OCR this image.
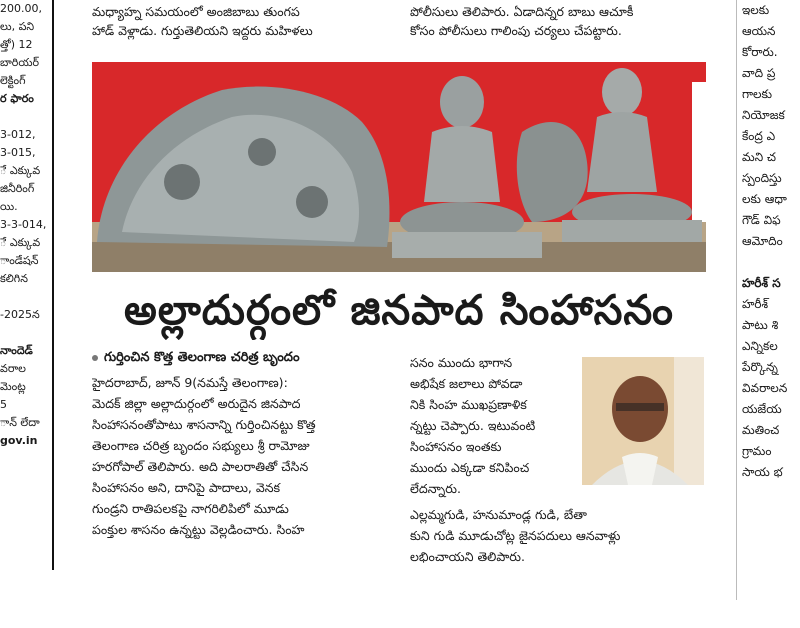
200.00,
లు, పని
త్తో) 12
బారియర్
లెక్టింగ్
ర ఫారం

3-012,
3-015,
ే ఎక్కువ
జినీరింగ్
యి.
3-3-014,
ే ఎక్కువ
ాండేషన్
కలిగిన

-2025న

నాందెడ్
వరాల
మెంట్ల
5
ాన్ లేదా
gov.in
మధ్యాహ్న సమయంలో అంజిబాబు తుంగప
హాడ్ వెళ్లాడు. గుర్తుతెలియని ఇద్దరు మహిళలు
పోలీసులు తెలిపారు. ఏడాదిన్నర బాబు ఆచూకీ
కోసం పోలీసులు గాలింపు చర్యలు చేపట్టారు.
అల్లాదుర్గంలో జినపాద సింహాసనం
గుర్తించిన కొత్త తెలంగాణ చరిత్ర బృందం
హైదరాబాద్, జూన్ 9(నమస్తే తెలంగాణ):
మెదక్ జిల్లా అల్లాదుర్గంలో అరుదైన జినపాద
సింహాసనంతోపాటు శాసనాన్ని గుర్తించినట్టు కొత్త
తెలంగాణ చరిత్ర బృందం సభ్యులు శ్రీ రామోజు
హరగోపాల్ తెలిపారు. అది పాలరాతితో చేసిన
సింహాసనం అని, దానిపై పాదాలు, వెనక
గుండ్రని రాతిపలకపై నాగరిలిపిలో మూడు
పంక్తుల శాసనం ఉన్నట్టు వెల్లడించారు. సింహ
సనం ముందు భాగాన
అభిషేక జలాలు పోవడా
నికి సింహ ముఖప్రణాళిక
న్నట్టు చెప్పారు. ఇటువంటి
సింహాసనం ఇంతకు
ముందు ఎక్కడా కనిపించ
లేదన్నారు.
ఎల్లమ్మగుడి, హనుమాండ్ల గుడి, బేతా
కుని గుడి మూడుచోట్ల జైనపదులు ఆనవాళ్లు
లభించాయని తెలిపారు.
ఇలకు
ఆయన
కోరారు.
వాది ప్ర
గాలకు
నియోజక
కేంద్ర ఎ
మని చ
స్పందిస్తు
లకు ఆధా
గౌడ్ విఫ
ఆమోదిం

హరీశ్ స
హరీశ్
పాటు శి
ఎన్నికల
పేర్కొన్న
వివరాలన
యజేయ
మతించ
గ్రామం
సాయ భ
